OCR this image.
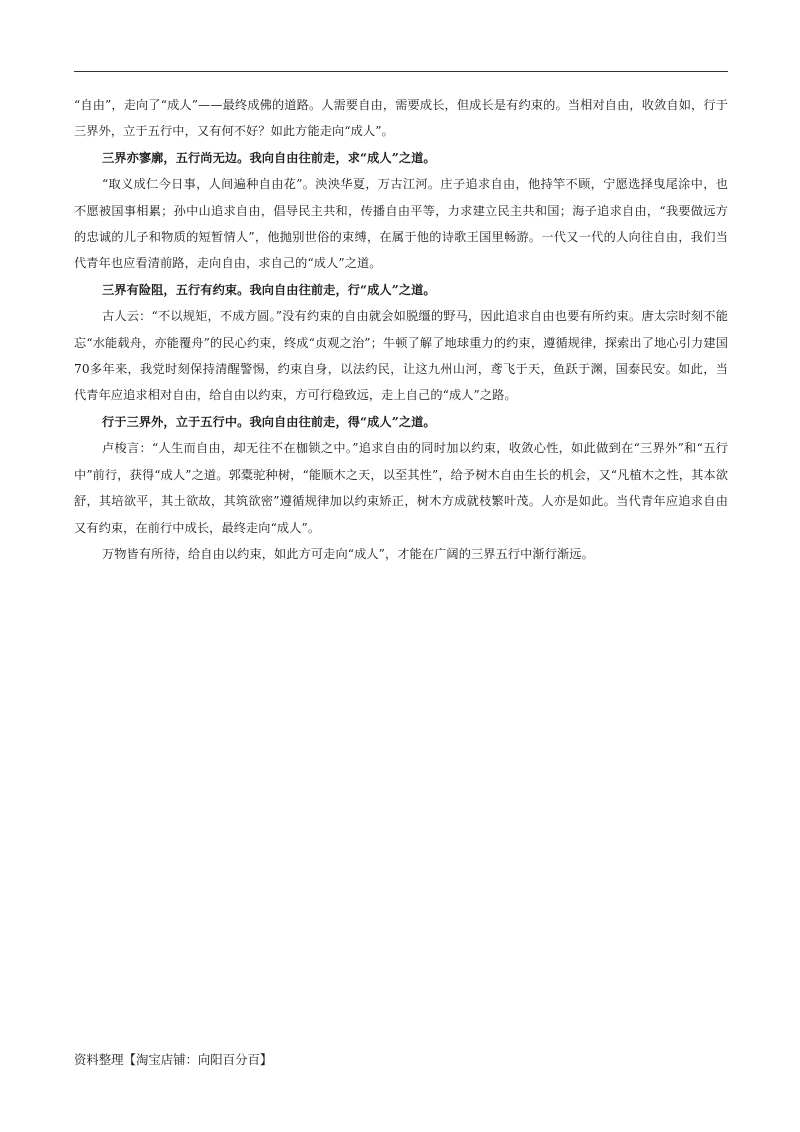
“自由”，走向了“成人”——最终成佛的道路。人需要自由，需要成长，但成长是有约束的。当相对自由，收敛自如，行于三界外，立于五行中，又有何不好？如此方能走向“成人”。

三界亦寥廓，五行尚无边。我向自由往前走，求“成人”之道。

“取义成仁今日事，人间遍种自由花”。泱泱华夏，万古江河。庄子追求自由，他持竿不顾，宁愿选择曳尾涂中，也不愿被国事相累；孙中山追求自由，倡导民主共和，传播自由平等，力求建立民主共和国；海子追求自由，“我要做远方的忠诚的儿子和物质的短暂情人”，他抛别世俗的束缚，在属于他的诗歌王国里畅游。一代又一代的人向往自由，我们当代青年也应看清前路，走向自由，求自己的“成人”之道。

三界有险阻，五行有约束。我向自由往前走，行“成人”之道。

古人云：“不以规矩，不成方圆。”没有约束的自由就会如脱缰的野马，因此追求自由也要有所约束。唐太宗时刻不能忘“水能载舟，亦能覆舟”的民心约束，终成“贞观之治”；牛顿了解了地球重力的约束，遵循规律，探索出了地心引力建国70多年来，我党时刻保持清醒警惕，约束自身，以法约民，让这九州山河，鸢飞于天，鱼跃于渊，国泰民安。如此，当代青年应追求相对自由，给自由以约束，方可行稳致远，走上自己的“成人”之路。

行于三界外，立于五行中。我向自由往前走，得“成人”之道。

卢梭言：“人生而自由，却无往不在枷锁之中。”追求自由的同时加以约束，收敛心性，如此做到在“三界外”和“五行中”前行，获得“成人”之道。郭橐驼种树，“能顺木之天，以至其性”，给予树木自由生长的机会，又“凡植木之性，其本欲舒，其培欲平，其土欲故，其筑欲密”遵循规律加以约束矫正，树木方成就枝繁叶茂。人亦是如此。当代青年应追求自由又有约束，在前行中成长，最终走向“成人”。

万物皆有所待，给自由以约束，如此方可走向“成人”，才能在广阔的三界五行中渐行渐远。

资料整理【淘宝店铺：向阳百分百】
